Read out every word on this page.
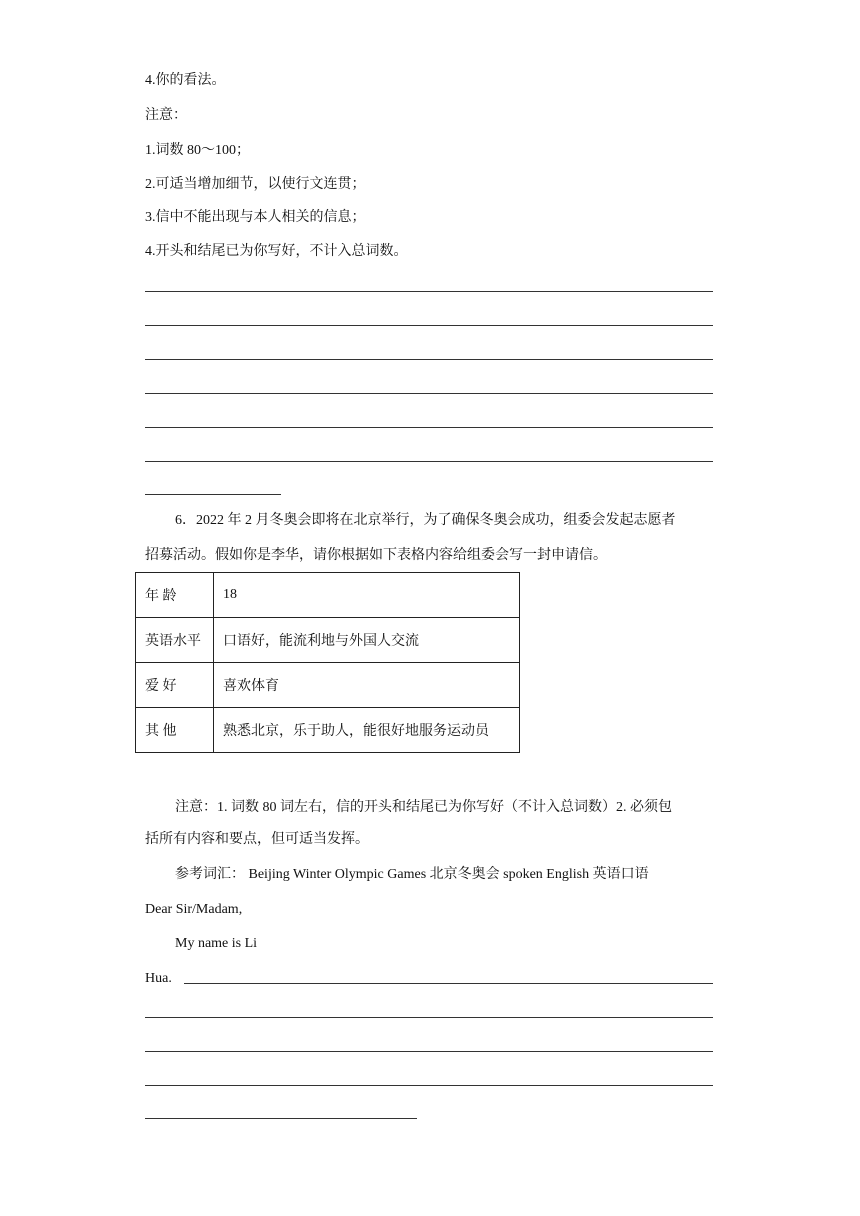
4.你的看法。
注意：
1.词数 80～100；
2.可适当增加细节，以使行文连贯；
3.信中不能出现与本人相关的信息；
4.开头和结尾已为你写好，不计入总词数。
6．2022 年 2 月冬奥会即将在北京举行，为了确保冬奥会成功，组委会发起志愿者
招募活动。假如你是李华，请你根据如下表格内容给组委会写一封申请信。
年 龄	18
英语水平	口语好，能流利地与外国人交流
爱 好	喜欢体育
其 他	熟悉北京，乐于助人，能很好地服务运动员
注意：1. 词数 80 词左右，信的开头和结尾已为你写好（不计入总词数）2. 必须包
括所有内容和要点，但可适当发挥。
参考词汇： Beijing Winter Olympic Games 北京冬奥会 spoken English 英语口语
Dear Sir/Madam,
My name is Li
Hua.
